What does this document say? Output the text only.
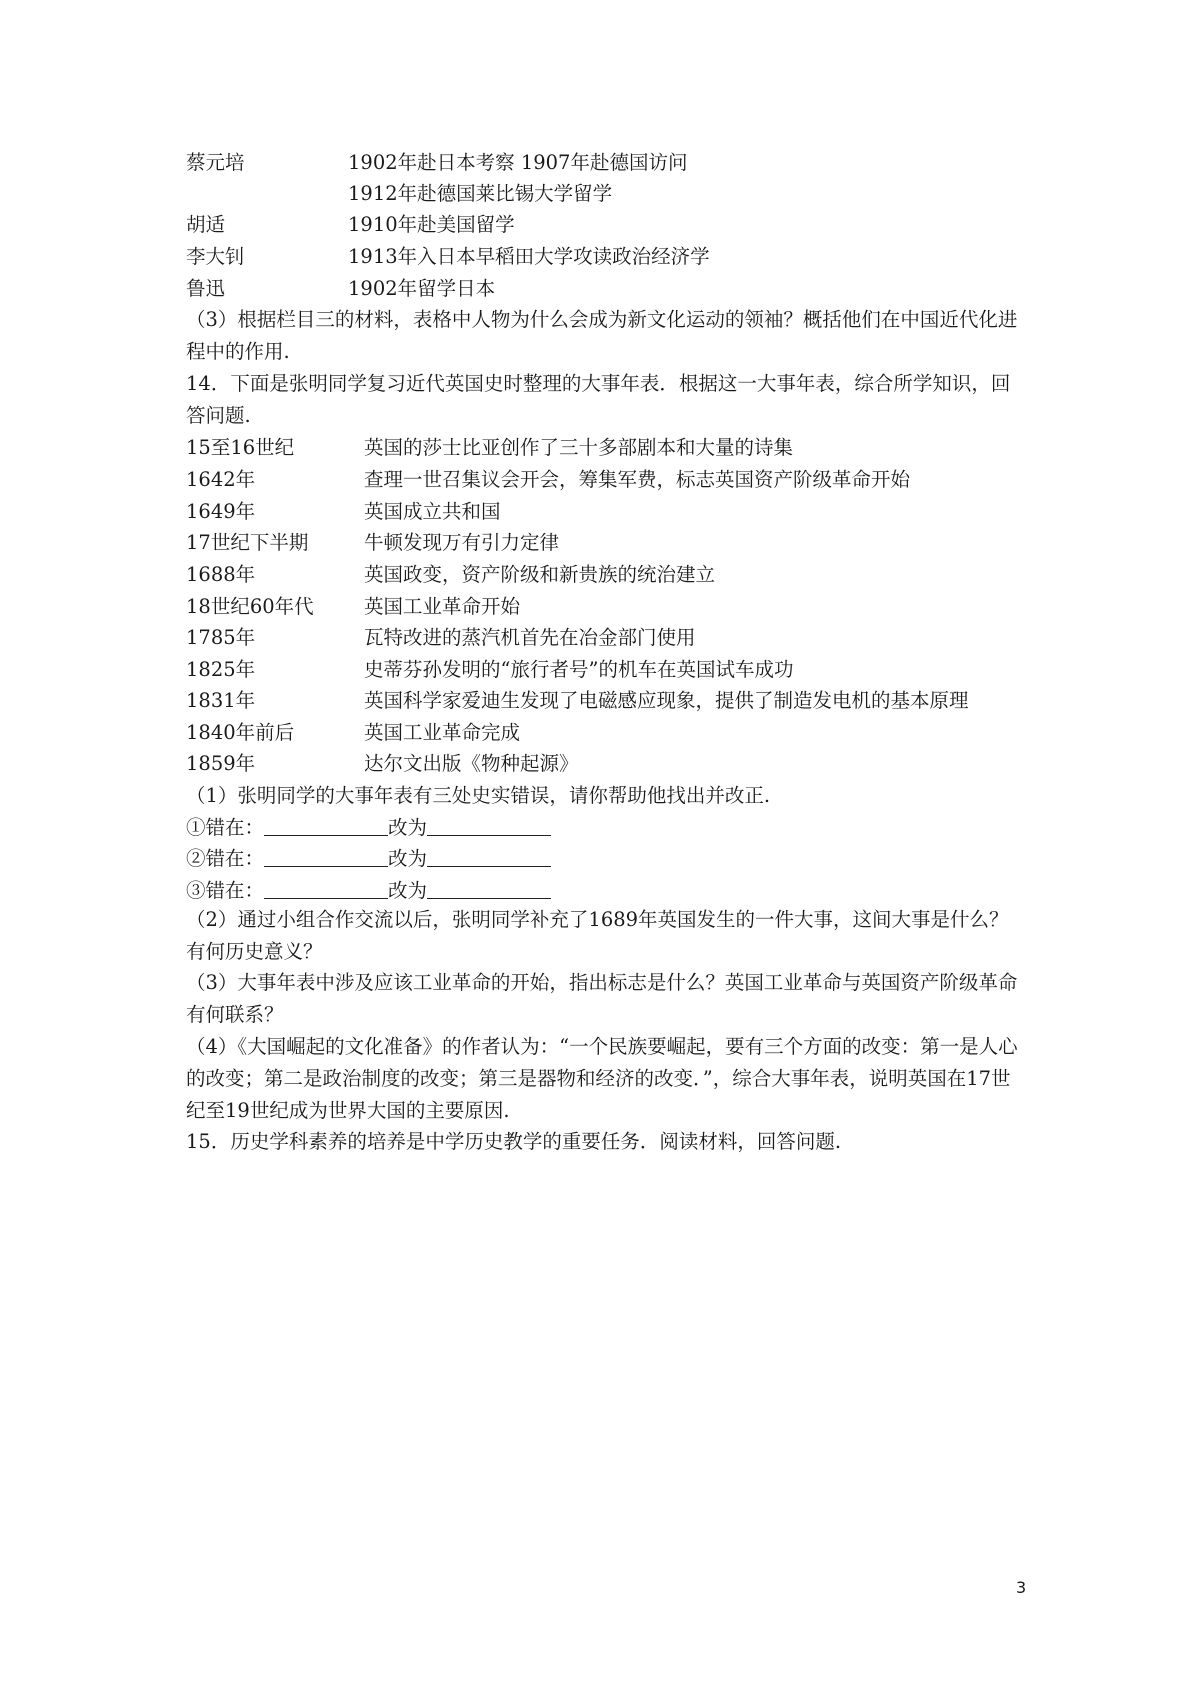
蔡元培	1902年赴日本考察 1907年赴德国访问
1912年赴德国莱比锡大学留学
胡适	1910年赴美国留学
李大钊	1913年入日本早稻田大学攻读政治经济学
鲁迅	1902年留学日本
（3）根据栏目三的材料，表格中人物为什么会成为新文化运动的领袖？概括他们在中国近代化进程中的作用.
14．下面是张明同学复习近代英国史时整理的大事年表．根据这一大事年表，综合所学知识，回答问题.
15至16世纪	英国的莎士比亚创作了三十多部剧本和大量的诗集
1642年	查理一世召集议会开会，筹集军费，标志英国资产阶级革命开始
1649年	英国成立共和国
17世纪下半期	牛顿发现万有引力定律
1688年	英国政变，资产阶级和新贵族的统治建立
18世纪60年代	英国工业革命开始
1785年	瓦特改进的蒸汽机首先在冶金部门使用
1825年	史蒂芬孙发明的“旅行者号”的机车在英国试车成功
1831年	英国科学家爱迪生发现了电磁感应现象，提供了制造发电机的基本原理
1840年前后	英国工业革命完成
1859年	达尔文出版《物种起源》
（1）张明同学的大事年表有三处史实错误，请你帮助他找出并改正.
①错在：	改为
②错在：	改为
③错在：	改为
（2）通过小组合作交流以后，张明同学补充了1689年英国发生的一件大事，这间大事是什么？有何历史意义？
（3）大事年表中涉及应该工业革命的开始，指出标志是什么？英国工业革命与英国资产阶级革命有何联系？
（4）《大国崛起的文化准备》的作者认为：“一个民族要崛起，要有三个方面的改变：第一是人心的改变；第二是政治制度的改变；第三是器物和经济的改变．”，综合大事年表，说明英国在17世纪至19世纪成为世界大国的主要原因.
15．历史学科素养的培养是中学历史教学的重要任务．阅读材料，回答问题.
3
